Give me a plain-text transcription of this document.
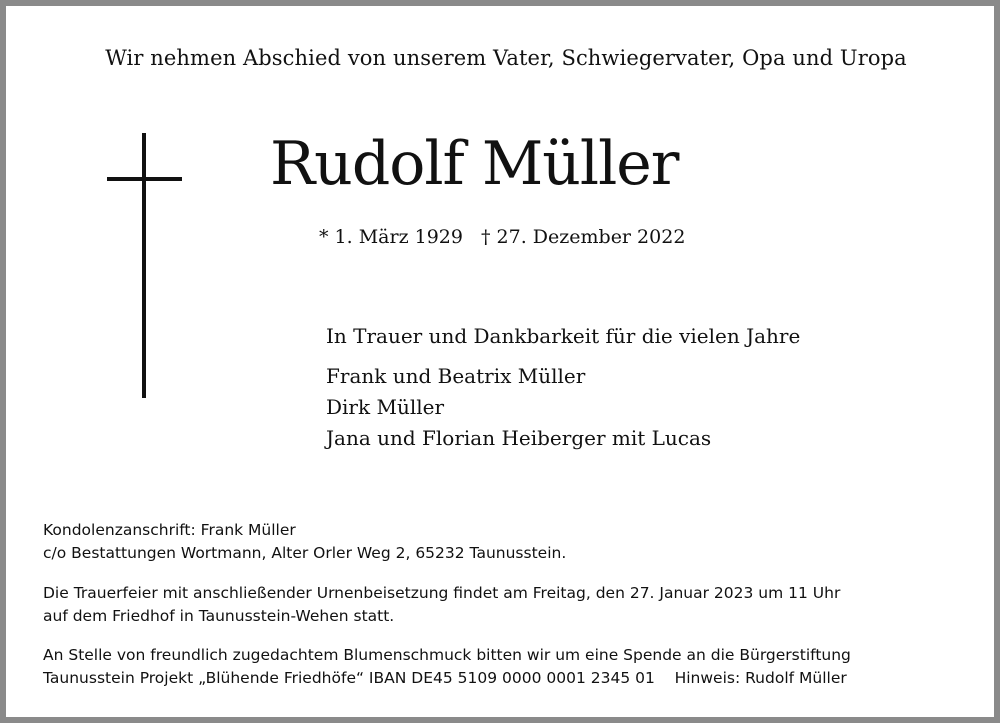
Wir nehmen Abschied von unserem Vater, Schwiegervater, Opa und Uropa
Rudolf Müller
* 1. März 1929 † 27. Dezember 2022
In Trauer und Dankbarkeit für die vielen Jahre
Frank und Beatrix Müller
Dirk Müller
Jana und Florian Heiberger mit Lucas
Kondolenzanschrift: Frank Müller
c/o Bestattungen Wortmann, Alter Orler Weg 2, 65232 Taunusstein.
Die Trauerfeier mit anschließender Urnenbeisetzung findet am Freitag, den 27. Januar 2023 um 11 Uhr
auf dem Friedhof in Taunusstein-Wehen statt.
An Stelle von freundlich zugedachtem Blumenschmuck bitten wir um eine Spende an die Bürgerstiftung
Taunusstein Projekt „Blühende Friedhöfe“ IBAN DE45 5109 0000 0001 2345 01    Hinweis: Rudolf Müller
